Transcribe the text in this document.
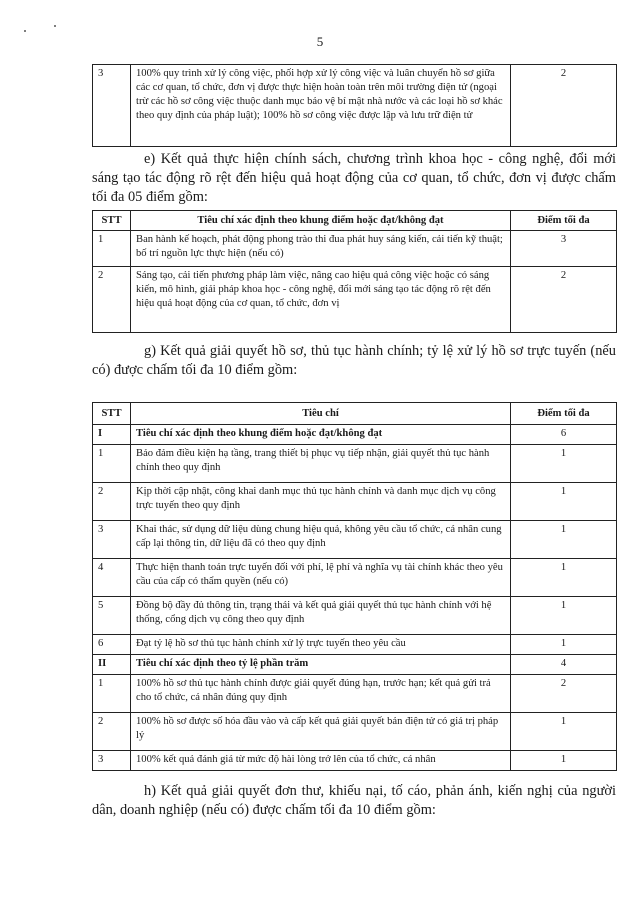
5
3	100% quy trình xử lý công việc, phối hợp xử lý công việc và luân chuyển hồ sơ giữa các cơ quan, tổ chức, đơn vị được thực hiện hoàn toàn trên môi trường điện tử (ngoại trừ các hồ sơ công việc thuộc danh mục bảo vệ bí mật nhà nước và các loại hồ sơ khác theo quy định của pháp luật); 100% hồ sơ công việc được lập và lưu trữ điện tử	2

e) Kết quả thực hiện chính sách, chương trình khoa học - công nghệ, đổi mới sáng tạo tác động rõ rệt đến hiệu quả hoạt động của cơ quan, tổ chức, đơn vị được chấm tối đa 05 điểm gồm:

STT	Tiêu chí xác định theo khung điểm hoặc đạt/không đạt	Điểm tối đa
1	Ban hành kế hoạch, phát động phong trào thi đua phát huy sáng kiến, cải tiến kỹ thuật; bố trí nguồn lực thực hiện (nếu có)	3
2	Sáng tạo, cải tiến phương pháp làm việc, nâng cao hiệu quả công việc hoặc có sáng kiến, mô hình, giải pháp khoa học - công nghệ, đổi mới sáng tạo tác động rõ rệt đến hiệu quả hoạt động của cơ quan, tổ chức, đơn vị	2

g) Kết quả giải quyết hồ sơ, thủ tục hành chính; tỷ lệ xử lý hồ sơ trực tuyến (nếu có) được chấm tối đa 10 điểm gồm:

STT	Tiêu chí	Điểm tối đa
I	Tiêu chí xác định theo khung điểm hoặc đạt/không đạt	6
1	Bảo đảm điều kiện hạ tầng, trang thiết bị phục vụ tiếp nhận, giải quyết thủ tục hành chính theo quy định	1
2	Kịp thời cập nhật, công khai danh mục thủ tục hành chính và danh mục dịch vụ công trực tuyến theo quy định	1
3	Khai thác, sử dụng dữ liệu dùng chung hiệu quả, không yêu cầu tổ chức, cá nhân cung cấp lại thông tin, dữ liệu đã có theo quy định	1
4	Thực hiện thanh toán trực tuyến đối với phí, lệ phí và nghĩa vụ tài chính khác theo yêu cầu của cấp có thẩm quyền (nếu có)	1
5	Đồng bộ đầy đủ thông tin, trạng thái và kết quả giải quyết thủ tục hành chính với hệ thống, cổng dịch vụ công theo quy định	1
6	Đạt tỷ lệ hồ sơ thủ tục hành chính xử lý trực tuyến theo yêu cầu	1
II	Tiêu chí xác định theo tỷ lệ phần trăm	4
1	100% hồ sơ thủ tục hành chính được giải quyết đúng hạn, trước hạn; kết quả gửi trả cho tổ chức, cá nhân đúng quy định	2
2	100% hồ sơ được số hóa đầu vào và cấp kết quả giải quyết bản điện tử có giá trị pháp lý	1
3	100% kết quả đánh giá từ mức độ hài lòng trở lên của tổ chức, cá nhân	1

h) Kết quả giải quyết đơn thư, khiếu nại, tố cáo, phản ánh, kiến nghị của người dân, doanh nghiệp (nếu có) được chấm tối đa 10 điểm gồm:
